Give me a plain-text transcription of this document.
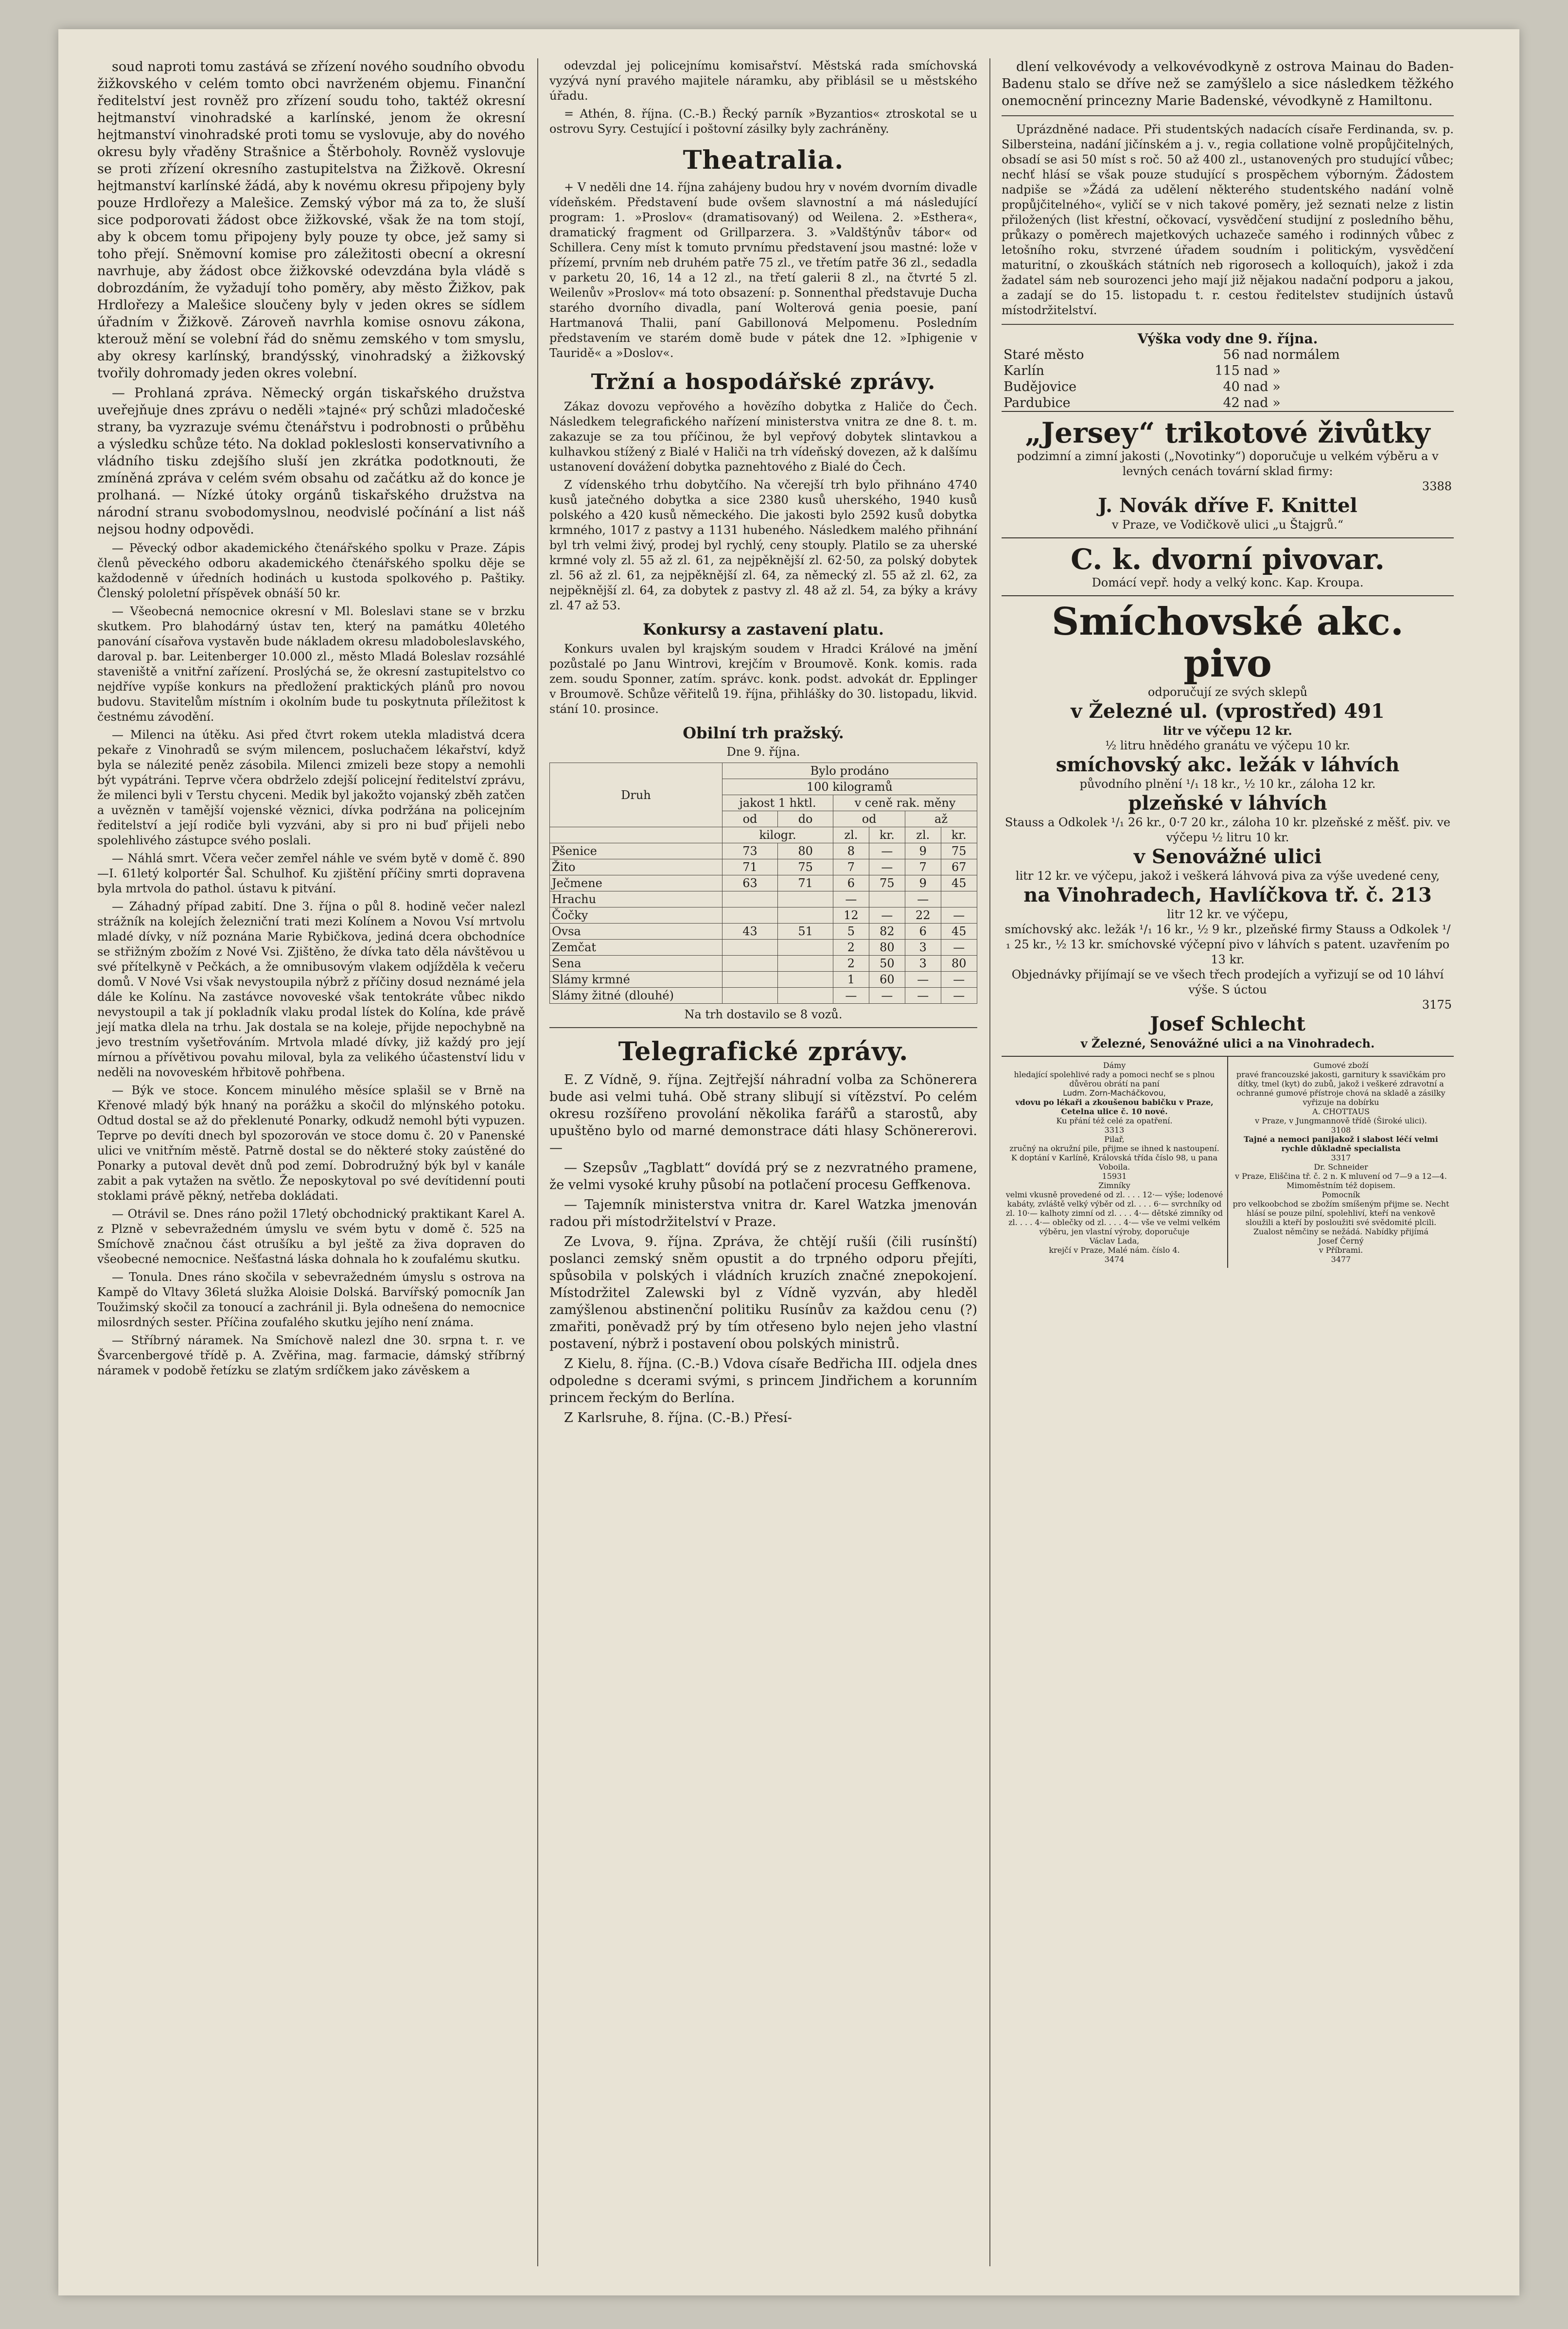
soud naproti tomu zastává se zřízení nového soudního obvodu žižkovského v celém tomto obci navrženém objemu. Finanční ředitelství jest rovněž pro zřízení soudu toho, taktéž okresní hejtmanství vinohradské a karlínské, jenom že okresní hejtmanství vinohradské proti tomu se vyslovuje, aby do nového okresu byly vřaděny Strašnice a Štěrboholy. Rovněž vyslovuje se proti zřízení okresního zastupitelstva na Žižkově. Okresní hejtmanství karlínské žádá, aby k novému okresu připojeny byly pouze Hrdlořezy a Malešice. Zemský výbor má za to, že sluší sice podporovati žádost obce žižkovské, však že na tom stojí, aby k obcem tomu připojeny byly pouze ty obce, jež samy si toho přejí. Sněmovní komise pro záležitosti obecní a okresní navrhuje, aby žádost obce žižkovské odevzdána byla vládě s dobrozdáním, že vyžadují toho poměry, aby město Žižkov, pak Hrdlořezy a Malešice sloučeny byly v jeden okres se sídlem úřadním v Žižkově. Zároveň navrhla komise osnovu zákona, kterouž mění se volební řád do sněmu zemského v tom smyslu, aby okresy karlínský, brandýsský, vinohradský a žižkovský tvořily dohromady jeden okres volební.

— Prohlaná zpráva. Německý orgán tiskařského družstva uveřejňuje dnes zprávu o neděli »tajné« prý schůzi mladočeské strany, ba vyzrazuje svému čtenářstvu i podrobnosti o průběhu a výsledku schůze této. Na doklad pokleslosti konservativního a vládního tisku zdejšího sluší jen zkrátka podotknouti, že zmíněná zpráva v celém svém obsahu od začátku až do konce je prolhaná. — Nízké útoky orgánů tiskařského družstva na národní stranu svobodomyslnou, neodvislé počínání a list náš nejsou hodny odpovědi.

— Pěvecký odbor akademického čtenářského spolku v Praze. Zápis členů pěveckého odboru akademického čtenářského spolku děje se každodenně v úředních hodinách u kustoda spolkového p. Paštiky. Členský pololetní příspěvek obnáší 50 kr.

— Všeobecná nemocnice okresní v Ml. Boleslavi stane se v brzku skutkem. Pro blahodárný ústav ten, který na památku 40letého panování císařova vystavěn bude nákladem okresu mladoboleslavského, daroval p. bar. Leitenberger 10.000 zl., město Mladá Boleslav rozsáhlé staveniště a vnitřní zařízení. Proslýchá se, že okresní zastupitelstvo co nejdříve vypíše konkurs na předložení praktických plánů pro novou budovu. Stavitelům místním i okolním bude tu poskytnuta příležitost k čestnému závodění.

— Milenci na útěku. Asi před čtvrt rokem utekla mladistvá dcera pekaře z Vinohradů se svým milencem, posluchačem lékařství, když byla se nálezité peněz zásobila. Milenci zmizeli beze stopy a nemohli být vypátráni. Teprve včera obdrželo zdejší policejní ředitelství zprávu, že milenci byli v Terstu chyceni. Medik byl jakožto vojanský zběh zatčen a uvězněn v tamější vojenské věznici, dívka podržána na policejním ředitelství a její rodiče byli vyzváni, aby si pro ni buď přijeli nebo spolehlivého zástupce svého poslali.

— Náhlá smrt. Včera večer zemřel náhle ve svém bytě v domě č. 890—I. 61letý kolportér Šal. Schulhof. Ku zjištění příčiny smrti dopravena byla mrtvola do pathol. ústavu k pitvání.

— Záhadný případ zabití. Dne 3. října o půl 8. hodině večer nalezl strážník na kolejích železniční trati mezi Kolínem a Novou Vsí mrtvolu mladé dívky, v níž poznána Marie Rybičkova, jediná dcera obchodníce se střižným zbožím z Nové Vsi. Zjištěno, že dívka tato děla návštěvou u své přítelkyně v Pečkách, a že omnibusovým vlakem odjížděla k večeru domů. V Nové Vsi však nevystoupila nýbrž z příčiny dosud neznámé jela dále ke Kolínu. Na zastávce novoveské však tentokráte vůbec nikdo nevystoupil a tak jí pokladník vlaku prodal lístek do Kolína, kde právě její matka dlela na trhu. Jak dostala se na koleje, přijde nepochybně na jevo trestním vyšetřováním. Mrtvola mladé dívky, již každý pro její mírnou a přívětivou povahu miloval, byla za velikého účastenství lidu v neděli na novoveském hřbitově pohřbena.

— Býk ve stoce. Koncem minulého měsíce splašil se v Brně na Křenové mladý býk hnaný na porážku a skočil do mlýnského potoku. Odtud dostal se až do překlenuté Ponarky, odkudž nemohl býti vypuzen. Teprve po devíti dnech byl spozorován ve stoce domu č. 20 v Panenské ulici ve vnitřním městě. Patrně dostal se do některé stoky zaústěné do Ponarky a putoval devět dnů pod zemí. Dobrodružný býk byl v kanále zabit a pak vytažen na světlo. Že neposkytoval po své devítidenní pouti stoklami právě pěkný, netřeba dokládati.

— Otrávil se. Dnes ráno požil 17letý obchodnický praktikant Karel A. z Plzně v sebevražedném úmyslu ve svém bytu v domě č. 525 na Smíchově značnou část otrušíku a byl ještě za živa dopraven do všeobecné nemocnice. Nešťastná láska dohnala ho k zoufalému skutku.

— Tonula. Dnes ráno skočila v sebevražedném úmyslu s ostrova na Kampě do Vltavy 36letá služka Aloisie Dolská. Barvířský pomocník Jan Toužimský skočil za tonoucí a zachránil ji. Byla odnešena do nemocnice milosrdných sester. Příčina zoufalého skutku jejího není známa.

— Stříbrný náramek. Na Smíchově nalezl dne 30. srpna t. r. ve Švarcenbergové třídě p. A. Zvěřina, mag. farmacie, dámský stříbrný náramek v podobě řetízku se zlatým srdíčkem jako závěskem a

odevzdal jej policejnímu komisařství. Městská rada smíchovská vyzývá nyní pravého majitele náramku, aby přiblásil se u městského úřadu.

= Athén, 8. října. (C.-B.) Řecký parník »Byzantios« ztroskotal se u ostrovu Syry. Cestující i poštovní zásilky byly zachráněny.

Theatralia.

+ V neděli dne 14. října zahájeny budou hry v novém dvorním divadle vídeňském. Představení bude ovšem slavnostní a má následující program: 1. »Proslov« (dramatisovaný) od Weilena. 2. »Esthera«, dramatický fragment od Grillparzera. 3. »Valdštýnův tábor« od Schillera. Ceny míst k tomuto prvnímu představení jsou mastné: lože v přízemí, prvním neb druhém patře 75 zl., ve třetím patře 36 zl., sedadla v parketu 20, 16, 14 a 12 zl., na třetí galerii 8 zl., na čtvrté 5 zl. Weilenův »Proslov« má toto obsazení: p. Sonnenthal představuje Ducha starého dvorního divadla, paní Wolterová genia poesie, paní Hartmanová Thalii, paní Gabillonová Melpomenu. Posledním představením ve starém domě bude v pátek dne 12. »Iphigenie v Tauridě« a »Doslov«.

Tržní a hospodářské zprávy.

Zákaz dovozu vepřového a hovězího dobytka z Haliče do Čech. Následkem telegrafického nařízení ministerstva vnitra ze dne 8. t. m. zakazuje se za tou příčinou, že byl vepřový dobytek slintavkou a kulhavkou stížený z Bialé v Haliči na trh vídeňský dovezen, až k dalšímu ustanovení dovážení dobytka paznehtového z Bialé do Čech.

Z vídenského trhu dobytčího. Na včerejší trh bylo přihnáno 4740 kusů jatečného dobytka a sice 2380 kusů uherského, 1940 kusů polského a 420 kusů německého. Die jakosti bylo 2592 kusů dobytka krmného, 1017 z pastvy a 1131 hubeného. Následkem malého přihnání byl trh velmi živý, prodej byl rychlý, ceny stouply. Platilo se za uherské krmné voly zl. 55 až zl. 61, za nejpěknější zl. 62·50, za polský dobytek zl. 56 až zl. 61, za nejpěknější zl. 64, za německý zl. 55 až zl. 62, za nejpěknější zl. 64, za dobytek z pastvy zl. 48 až zl. 54, za býky a krávy zl. 47 až 53.

Konkursy a zastavení platu.

Konkurs uvalen byl krajským soudem v Hradci Králové na jmění pozůstalé po Janu Wintrovi, krejčím v Broumově. Konk. komis. rada zem. soudu Sponner, zatím. správc. konk. podst. advokát dr. Epplinger v Broumově. Schůze věřitelů 19. října, přihlášky do 30. listopadu, likvid. stání 10. prosince.

Obilní trh pražský.
Dne 9. října.
Druh	Bylo prodáno					
	100 kilogramů					
	jakost 1 hktl.		v ceně rak. měny			
	od	do	od		až	
	kilogr.		zl.	kr.	zl.	kr.
Pšenice	73	80	8	—	9	75
Žito	71	75	7	—	7	67
Ječmene	63	71	6	75	9	45
Hrachu			—		—	
Čočky			12	—	22	—
Ovsa	43	51	5	82	6	45
Zemčat			2	80	3	—
Sena			2	50	3	80
Slámy krmné			1	60	—	—
Slámy žitné (dlouhé)			—	—	—	—
Na trh dostavilo se 8 vozů.
Telegrafické zprávy.

E. Z Vídně, 9. října. Zejtřejší náhradní volba za Schönerera bude asi velmi tuhá. Obě strany slibují si vítězství. Po celém okresu rozšířeno provolání několika farářů a starostů, aby upuštěno bylo od marné demonstrace dáti hlasy Schönererovi. —

— Szepsův „Tagblatt“ dovídá prý se z nezvratného pramene, že velmi vysoké kruhy působí na potlačení procesu Geffkenova.

— Tajemník ministerstva vnitra dr. Karel Watzka jmenován radou při místodržitelství v Praze.

Ze Lvova, 9. října. Zpráva, že chtějí rušíi (čili rusínští) poslanci zemský sněm opustit a do trpného odporu přejíti, spůsobila v polských i vládních kruzích značné znepokojení. Místodržitel Zalewski byl z Vídně vyzván, aby hleděl zamýšlenou abstinenční politiku Rusínův za každou cenu (?) zmařiti, poněvadž prý by tím otřeseno bylo nejen jeho vlastní postavení, nýbrž i postavení obou polských ministrů.

Z Kielu, 8. října. (C.-B.) Vdova císaře Bedřicha III. odjela dnes odpoledne s dcerami svými, s princem Jindřichem a korunním princem řeckým do Berlína.

Z Karlsruhe, 8. října. (C.-B.) Přesí-

dlení velkovévody a velkovévodkyně z ostrova Mainau do Baden-Badenu stalo se dříve než se zamýšlelo a sice následkem těžkého onemocnění princezny Marie Badenské, vévodkyně z Hamiltonu.

Uprázdněné nadace. Při studentských nadacích císaře Ferdinanda, sv. p. Silbersteina, nadání jičínském a j. v., regia collatione volně propůjčitelných, obsadí se asi 50 míst s roč. 50 až 400 zl., ustanovených pro studující vůbec; nechť hlásí se však pouze studující s prospěchem výborným. Žádostem nadpiše se »Žádá za udělení některého studentského nadání volně propůjčitelného«, vyličí se v nich takové poměry, jež seznati nelze z listin přiložených (list křestní, očkovací, vysvědčení studijní z posledního běhu, průkazy o poměrech majetkových uchazeče samého i rodinných vůbec z letošního roku, stvrzené úřadem soudním i politickým, vysvědčení maturitní, o zkouškách státních neb rigorosech a kolloquích), jakož i zda žadatel sám neb sourozenci jeho mají již nějakou nadační podporu a jakou, a zadají se do 15. listopadu t. r. cestou ředitelstev studijních ústavů místodržitelství.

Výška vody dne 9. října.
Staré město	56	nad normálem
Karlín	115	nad »
Budějovice	40	nad »
Pardubice	42	nad »
„Jersey“ trikotové živůtky
podzimní a zimní jakosti („Novotinky“) doporučuje u velkém výběru a v levných cenách tovární sklad firmy:
3388
J. Novák dříve F. Knittel
v Praze, ve Vodičkově ulici „u Štajgrů.“
C. k. dvorní pivovar.
Domácí vepř. hody a velký konc. Kap. Kroupa.
Smíchovské akc. pivo
odporučují ze svých sklepů
v Železné ul. (vprostřed) 491
litr ve výčepu 12 kr.
½ litru hnědého granátu ve výčepu 10 kr.
smíchovský akc. ležák v láhvích
původního plnění ¹/₁ 18 kr., ½ 10 kr., záloha 12 kr.
plzeňské v láhvích
Stauss a Odkolek ¹/₁ 26 kr., 0·7 20 kr., záloha 10 kr. plzeňské z měšť. piv. ve výčepu ½ litru 10 kr.
v Senovážné ulici
litr 12 kr. ve výčepu, jakož i veškerá láhvová piva za výše uvedené ceny,
na Vinohradech, Havlíčkova tř. č. 213
litr 12 kr. ve výčepu,
smíchovský akc. ležák ¹/₁ 16 kr., ½ 9 kr., plzeňské firmy Stauss a Odkolek ¹/₁ 25 kr., ½ 13 kr. smíchovské výčepní pivo v láhvích s patent. uzavřením po 13 kr.
Objednávky přijímají se ve všech třech prodejích a vyřizují se od 10 láhví výše. S úctou
3175
Josef Schlecht
v Železné, Senovážné ulici a na Vinohradech.
Dámy
hledající spolehlivé rady a pomoci nechť se s plnou důvěrou obrátí na paní
Ludm. Zorn-Macháčkovou,
vdovu po lékaři a zkoušenou babičku v Praze, Cetelna ulice č. 10 nové.
Ku přání též celé za opatření.
3313
Pilař,
zručný na okružní pile, přijme se ihned k nastoupení. K doptání v Karlíně, Královská třída číslo 98, u pana Voboila.
15931
Zimníky
velmi vkusně provedené od zl. . . . 12·— výše; lodenové kabáty, zvláště velký výběr od zl. . . . 6·— svrchníky od zl. 10·— kalhoty zimní od zl. . . . 4·— dětské zimníky od zl. . . . 4·— oblečky od zl. . . . 4·— vše ve velmi velkém výběru, jen vlastní výroby, doporučuje
Václav Lada,
krejčí v Praze, Malé nám. číslo 4.
3474
Gumové zboží
pravé francouzské jakosti, garnitury k ssavičkám pro dítky, tmel (kyt) do zubů, jakož i veškeré zdravotní a ochranné gumové přístroje chová na skladě a zásilky vyřizuje na dobírku
A. CHOTTAUS
v Praze, v Jungmannově třídě (Široké ulici).
3108
Tajné a nemoci panijakož i slabost léčí velmi rychle důkladně specialista
3317
Dr. Schneider
v Praze, Eliščina tř. č. 2 n. K mluvení od 7—9 a 12—4. Mimoměstním též dopisem.
Pomocník
pro velkoobchod se zbožím smíšeným přijme se. Necht hlásí se pouze pilní, spolehliví, kteří na venkově sloužili a kteří by posloužiti své svědomité plcili. Zualost němčiny se nežádá. Nabídky přijímá
Josef Černý
v Příbrami.
3477
